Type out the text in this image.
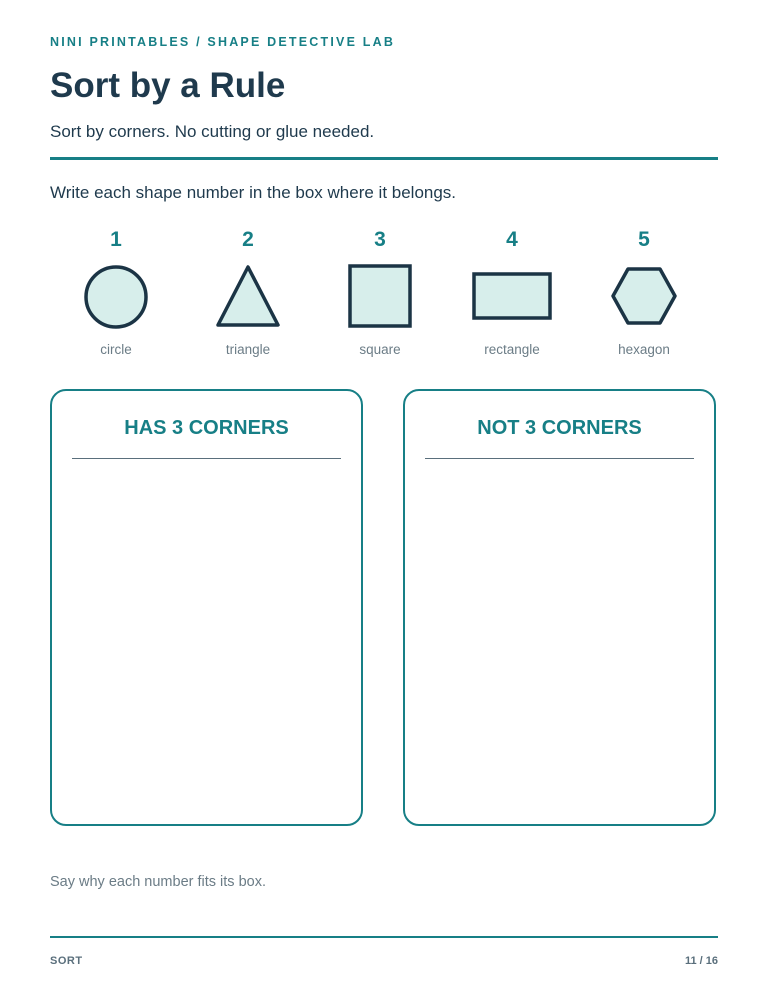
NINI PRINTABLES / SHAPE DETECTIVE LAB
Sort by a Rule
Sort by corners. No cutting or glue needed.
Write each shape number in the box where it belongs.
1
circle
2
triangle
3
square
4
rectangle
5
hexagon
HAS 3 CORNERS	NOT 3 CORNERS
Say why each number fits its box.
SORT	11 / 16
